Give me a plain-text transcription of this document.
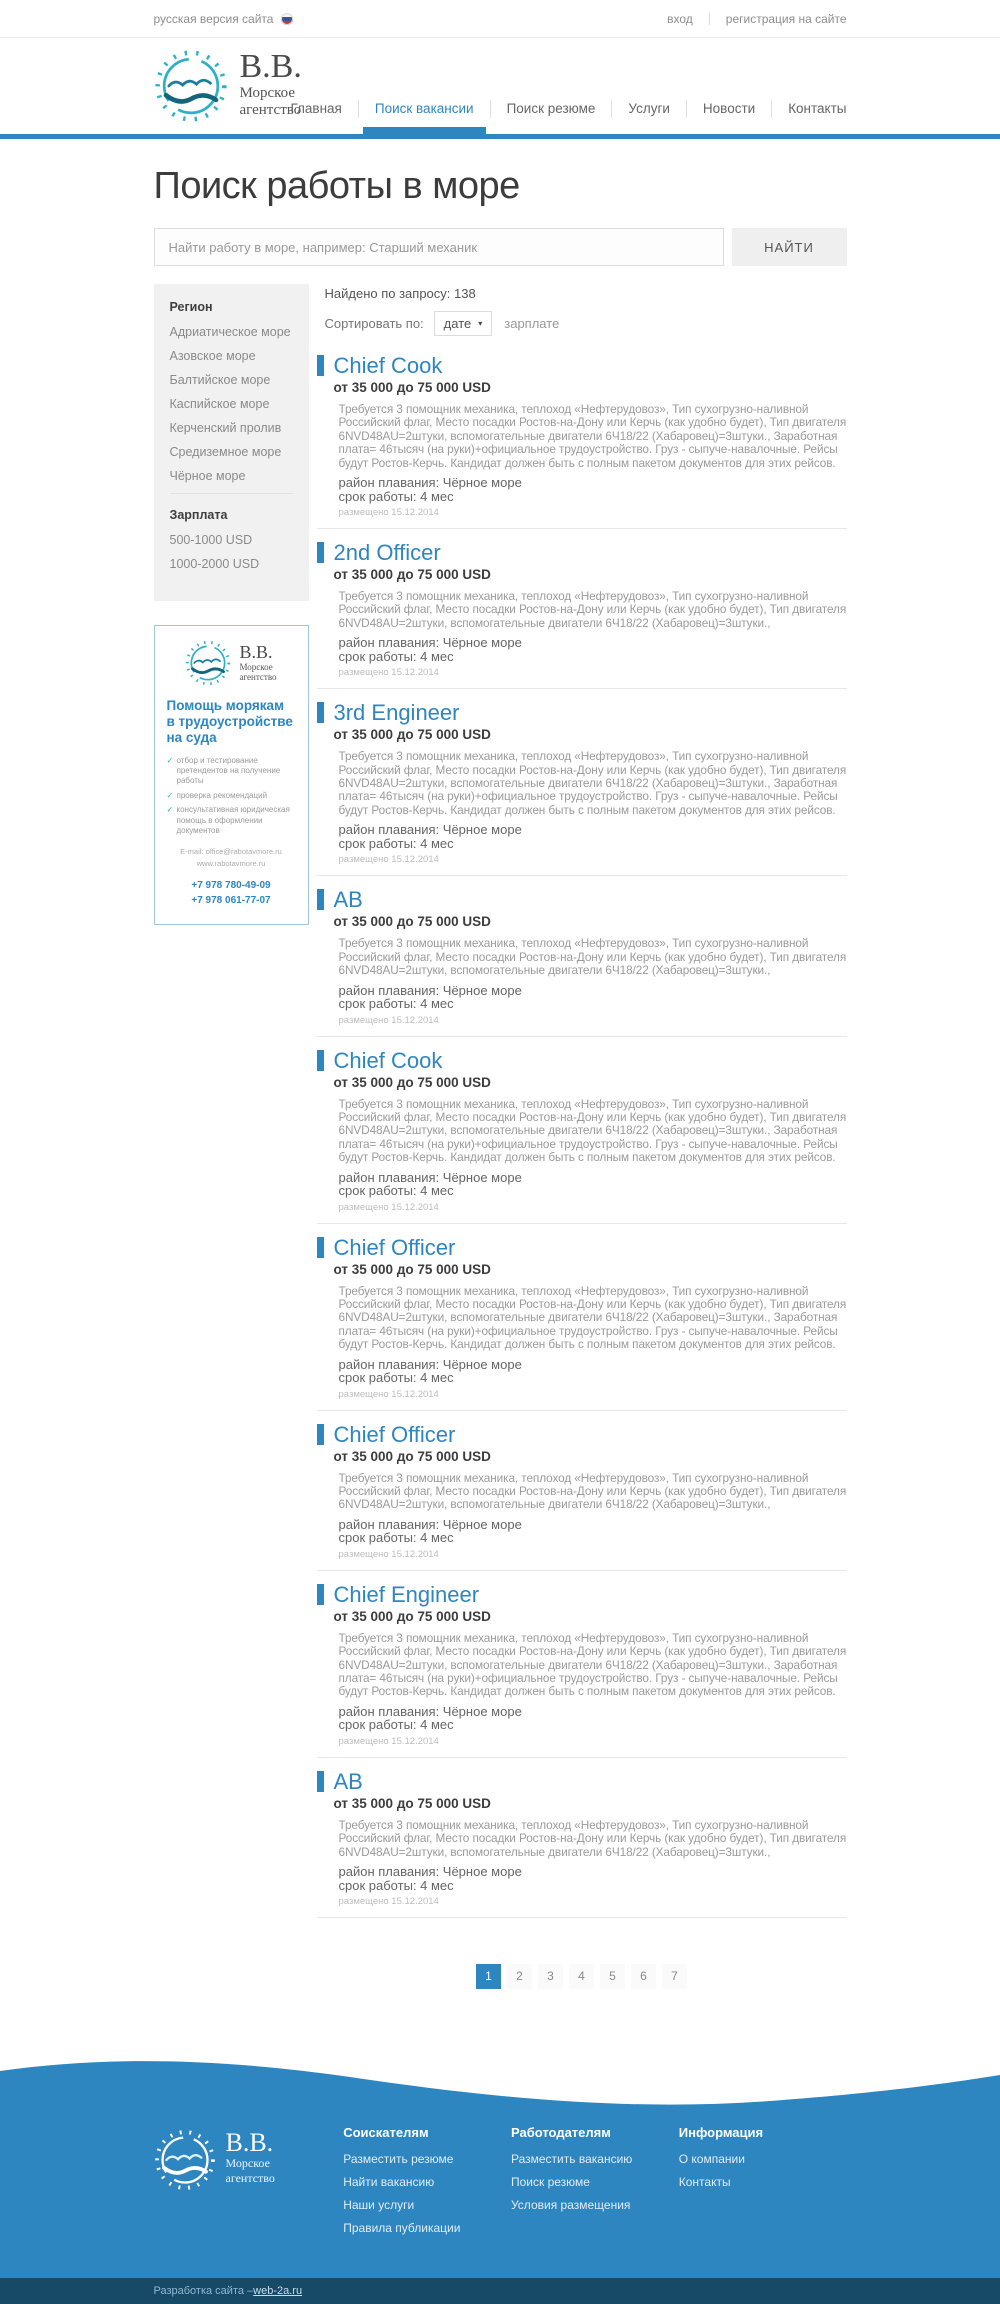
русская версия сайта	вход	регистрация на сайте
В.В.
Морское
агентство
Главная	Поиск вакансии	Поиск резюме	Услуги	Новости	Контакты
Поиск работы в море
Найти работу в море, например: Старший механик
НАЙТИ
Регион
Адриатическое море
Азовское море
Балтийское море
Каспийское море
Керченский пролив
Средиземное море
Чёрное море
Зарплата
500-1000 USD
1000-2000 USD
В.В.
Морское
агентство
Помощь морякам в трудоустройстве на суда
✓ отбор и тестирование претендентов на получение работы
✓ проверка рекомендаций
✓ консультативная юридическая помощь в оформлении документов
E-mail: office@rabotavmore.ru
www.rabotavmore.ru
+7 978 780-49-09
+7 978 061-77-07
Найдено по запросу: 138
Сортировать по: дате ▾ зарплате
Chief Cook
от 35 000 до 75 000 USD

Требуется 3 помощник механика, теплоход «Нефтерудовоз», Тип сухогрузно-наливной Российский флаг, Место посадки Ростов-на-Дону или Керчь (как удобно будет), Тип двигателя 6NVD48AU=2штуки, вспомогательные двигатели 6Ч18/22 (Хабаровец)=3штуки., Заработная плата= 46тысяч (на руки)+официальное трудоустройство. Груз - сыпуче-навалочные. Рейсы будут Ростов-Керчь. Кандидат должен быть с полным пакетом документов для этих рейсов.

район плавания: Чёрное море
срок работы: 4 мес
размещено 15.12.2014
2nd Officer
от 35 000 до 75 000 USD

Требуется 3 помощник механика, теплоход «Нефтерудовоз», Тип сухогрузно-наливной Российский флаг, Место посадки Ростов-на-Дону или Керчь (как удобно будет), Тип двигателя 6NVD48AU=2штуки, вспомогательные двигатели 6Ч18/22 (Хабаровец)=3штуки.,

район плавания: Чёрное море
срок работы: 4 мес
размещено 15.12.2014
3rd Engineer
от 35 000 до 75 000 USD

Требуется 3 помощник механика, теплоход «Нефтерудовоз», Тип сухогрузно-наливной Российский флаг, Место посадки Ростов-на-Дону или Керчь (как удобно будет), Тип двигателя 6NVD48AU=2штуки, вспомогательные двигатели 6Ч18/22 (Хабаровец)=3штуки., Заработная плата= 46тысяч (на руки)+официальное трудоустройство. Груз - сыпуче-навалочные. Рейсы будут Ростов-Керчь. Кандидат должен быть с полным пакетом документов для этих рейсов.

район плавания: Чёрное море
срок работы: 4 мес
размещено 15.12.2014
AB
от 35 000 до 75 000 USD

Требуется 3 помощник механика, теплоход «Нефтерудовоз», Тип сухогрузно-наливной Российский флаг, Место посадки Ростов-на-Дону или Керчь (как удобно будет), Тип двигателя 6NVD48AU=2штуки, вспомогательные двигатели 6Ч18/22 (Хабаровец)=3штуки.,

район плавания: Чёрное море
срок работы: 4 мес
размещено 15.12.2014
Chief Cook
от 35 000 до 75 000 USD

Требуется 3 помощник механика, теплоход «Нефтерудовоз», Тип сухогрузно-наливной Российский флаг, Место посадки Ростов-на-Дону или Керчь (как удобно будет), Тип двигателя 6NVD48AU=2штуки, вспомогательные двигатели 6Ч18/22 (Хабаровец)=3штуки., Заработная плата= 46тысяч (на руки)+официальное трудоустройство. Груз - сыпуче-навалочные. Рейсы будут Ростов-Керчь. Кандидат должен быть с полным пакетом документов для этих рейсов.

район плавания: Чёрное море
срок работы: 4 мес
размещено 15.12.2014
Chief Officer
от 35 000 до 75 000 USD

Требуется 3 помощник механика, теплоход «Нефтерудовоз», Тип сухогрузно-наливной Российский флаг, Место посадки Ростов-на-Дону или Керчь (как удобно будет), Тип двигателя 6NVD48AU=2штуки, вспомогательные двигатели 6Ч18/22 (Хабаровец)=3штуки., Заработная плата= 46тысяч (на руки)+официальное трудоустройство. Груз - сыпуче-навалочные. Рейсы будут Ростов-Керчь. Кандидат должен быть с полным пакетом документов для этих рейсов.

район плавания: Чёрное море
срок работы: 4 мес
размещено 15.12.2014
Chief Officer
от 35 000 до 75 000 USD

Требуется 3 помощник механика, теплоход «Нефтерудовоз», Тип сухогрузно-наливной Российский флаг, Место посадки Ростов-на-Дону или Керчь (как удобно будет), Тип двигателя 6NVD48AU=2штуки, вспомогательные двигатели 6Ч18/22 (Хабаровец)=3штуки.,

район плавания: Чёрное море
срок работы: 4 мес
размещено 15.12.2014
Chief Engineer
от 35 000 до 75 000 USD

Требуется 3 помощник механика, теплоход «Нефтерудовоз», Тип сухогрузно-наливной Российский флаг, Место посадки Ростов-на-Дону или Керчь (как удобно будет), Тип двигателя 6NVD48AU=2штуки, вспомогательные двигатели 6Ч18/22 (Хабаровец)=3штуки., Заработная плата= 46тысяч (на руки)+официальное трудоустройство. Груз - сыпуче-навалочные. Рейсы будут Ростов-Керчь. Кандидат должен быть с полным пакетом документов для этих рейсов.

район плавания: Чёрное море
срок работы: 4 мес
размещено 15.12.2014
AB
от 35 000 до 75 000 USD

Требуется 3 помощник механика, теплоход «Нефтерудовоз», Тип сухогрузно-наливной Российский флаг, Место посадки Ростов-на-Дону или Керчь (как удобно будет), Тип двигателя 6NVD48AU=2штуки, вспомогательные двигатели 6Ч18/22 (Хабаровец)=3штуки.,

район плавания: Чёрное море
срок работы: 4 мес
размещено 15.12.2014
1	2	3	4	5	6	7
В.В.
Морское
агентство
Соискателям
Разместить резюме
Найти вакансию
Наши услуги
Правила публикации
Работодателям
Разместить вакансию
Поиск резюме
Условия размещения
Информация
О компании
Контакты
Разработка сайта – web-2a.ru
